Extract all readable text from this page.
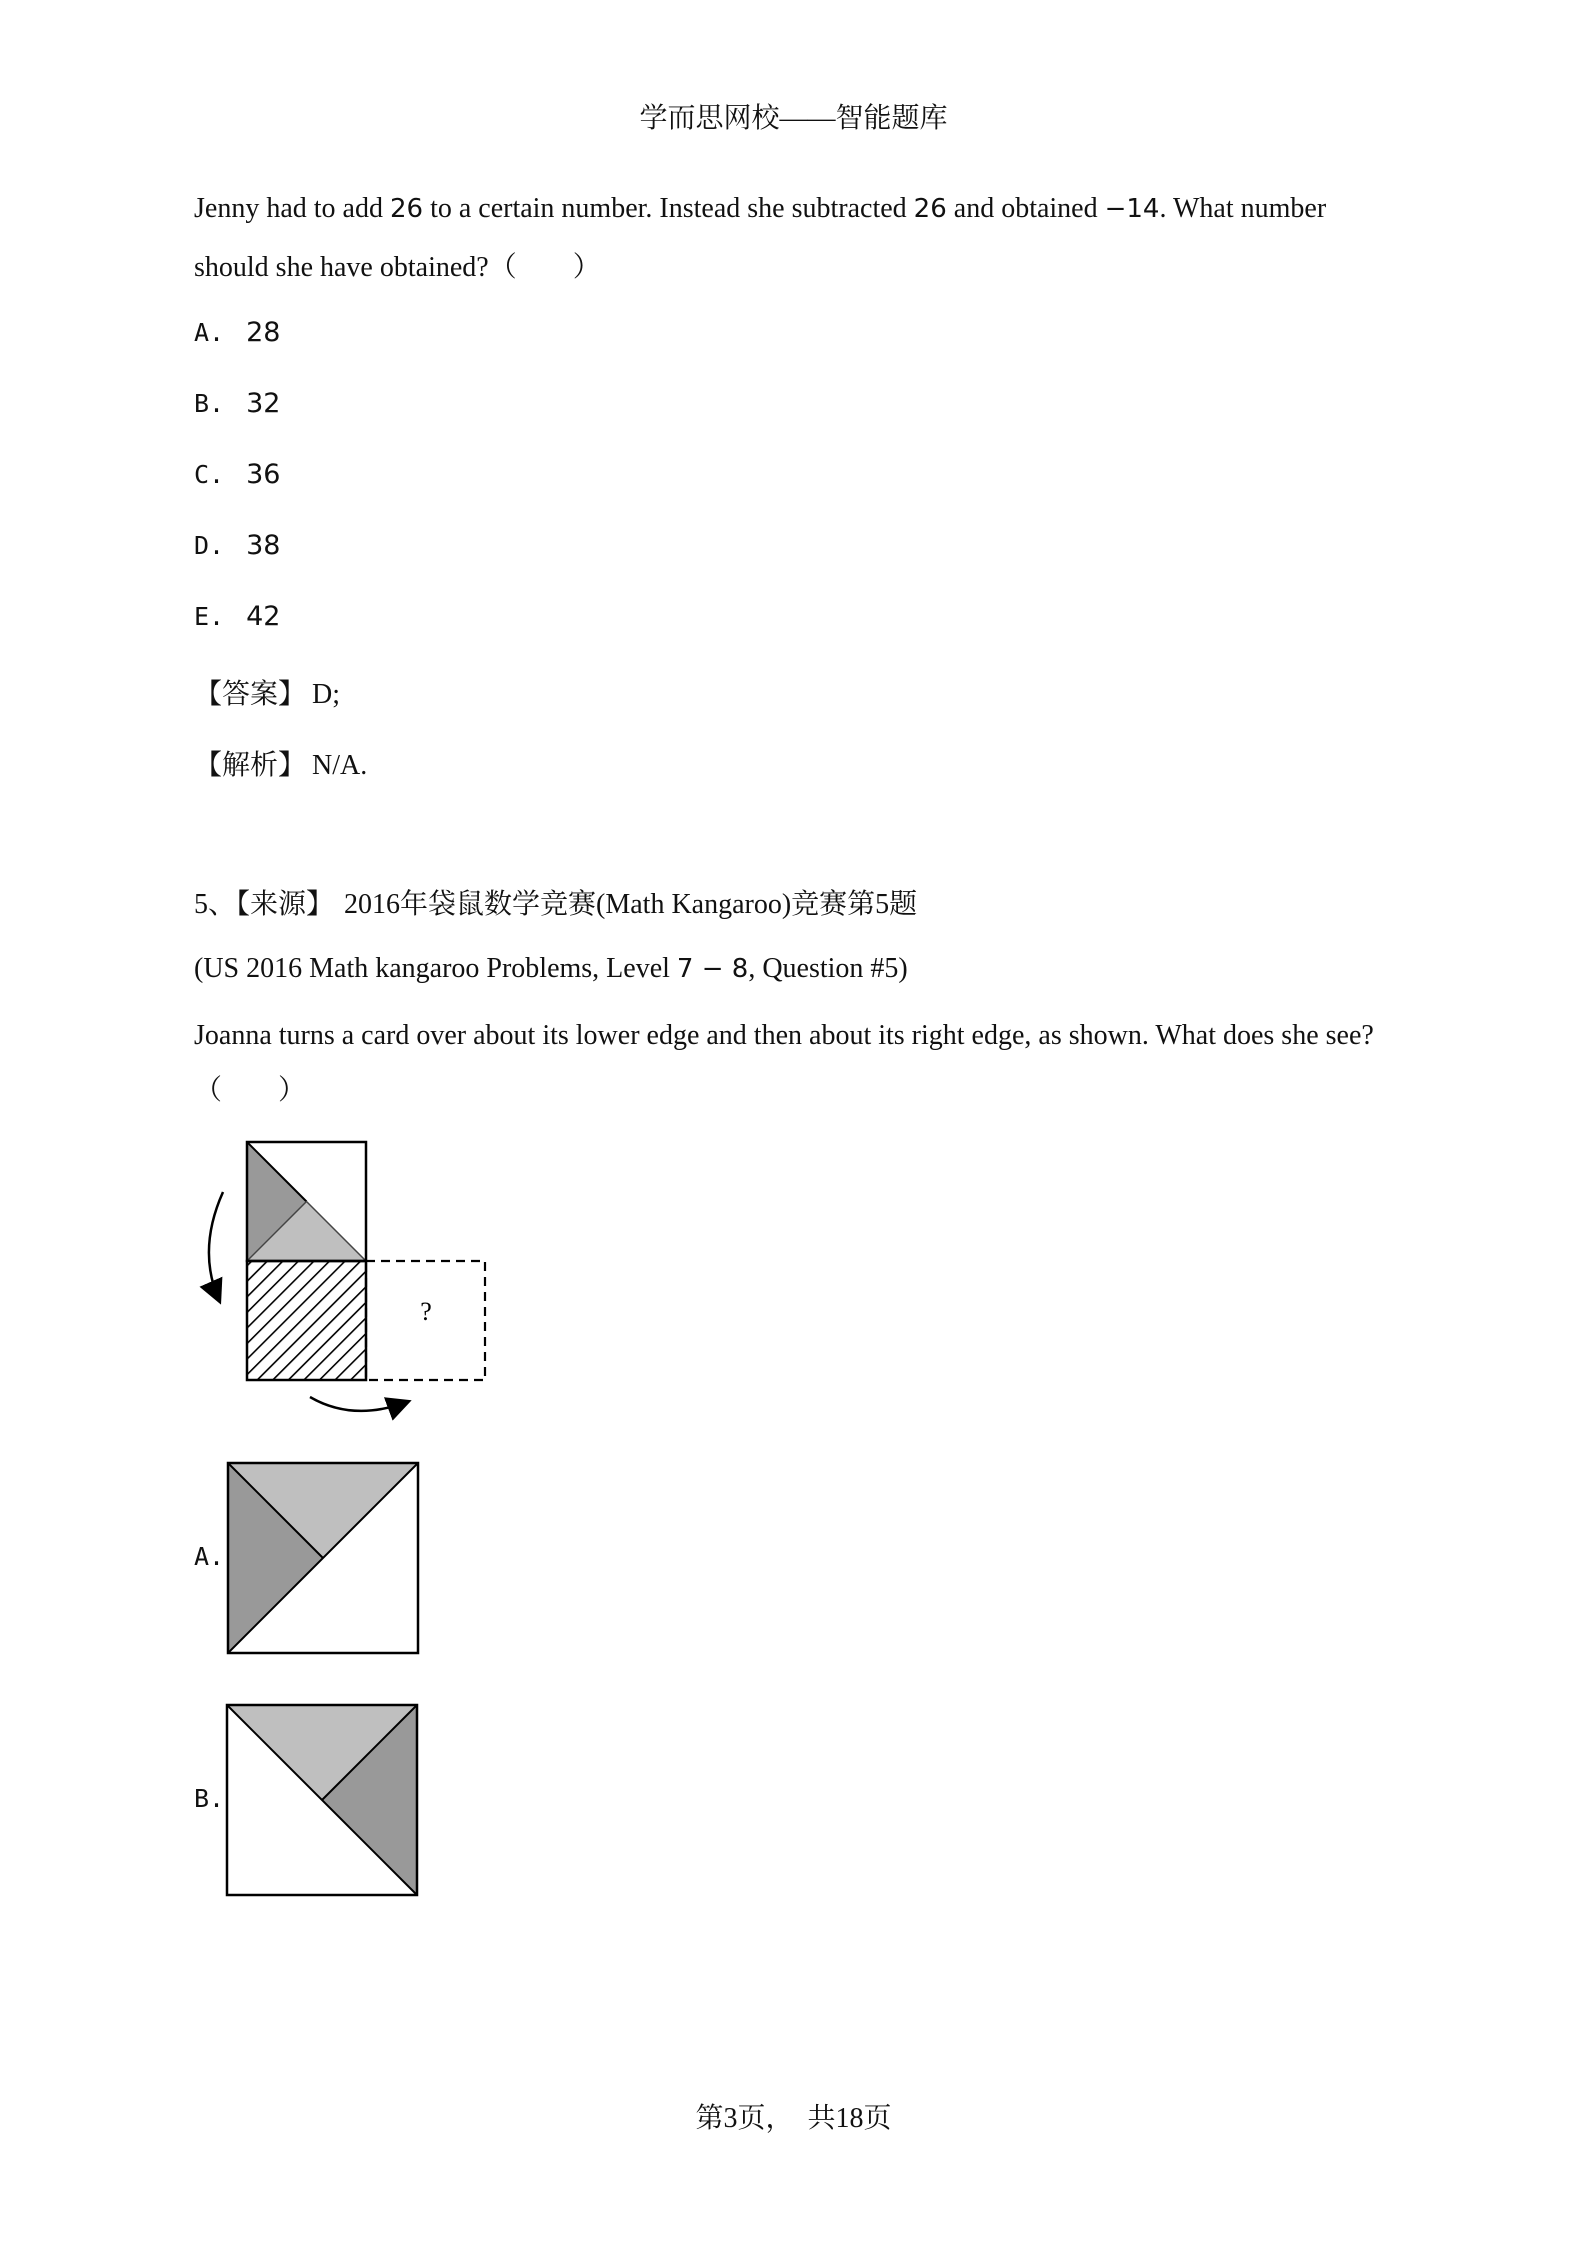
学而思网校——智能题库
Jenny had to add 26 to a certain number. Instead she subtracted 26 and obtained −14. What number
should she have obtained?（　　）
A. 28
B. 32
C. 36
D. 38
E. 42
【答案】 D;
【解析】 N/A.
5、【来源】 2016年袋鼠数学竞赛(Math Kangaroo)竞赛第5题
(US 2016 Math kangaroo Problems, Level 7 − 8, Question #5)
Joanna turns a card over about its lower edge and then about its right edge, as shown. What does she see?
（　　）
?
A.
B.
第3页，　共18页
